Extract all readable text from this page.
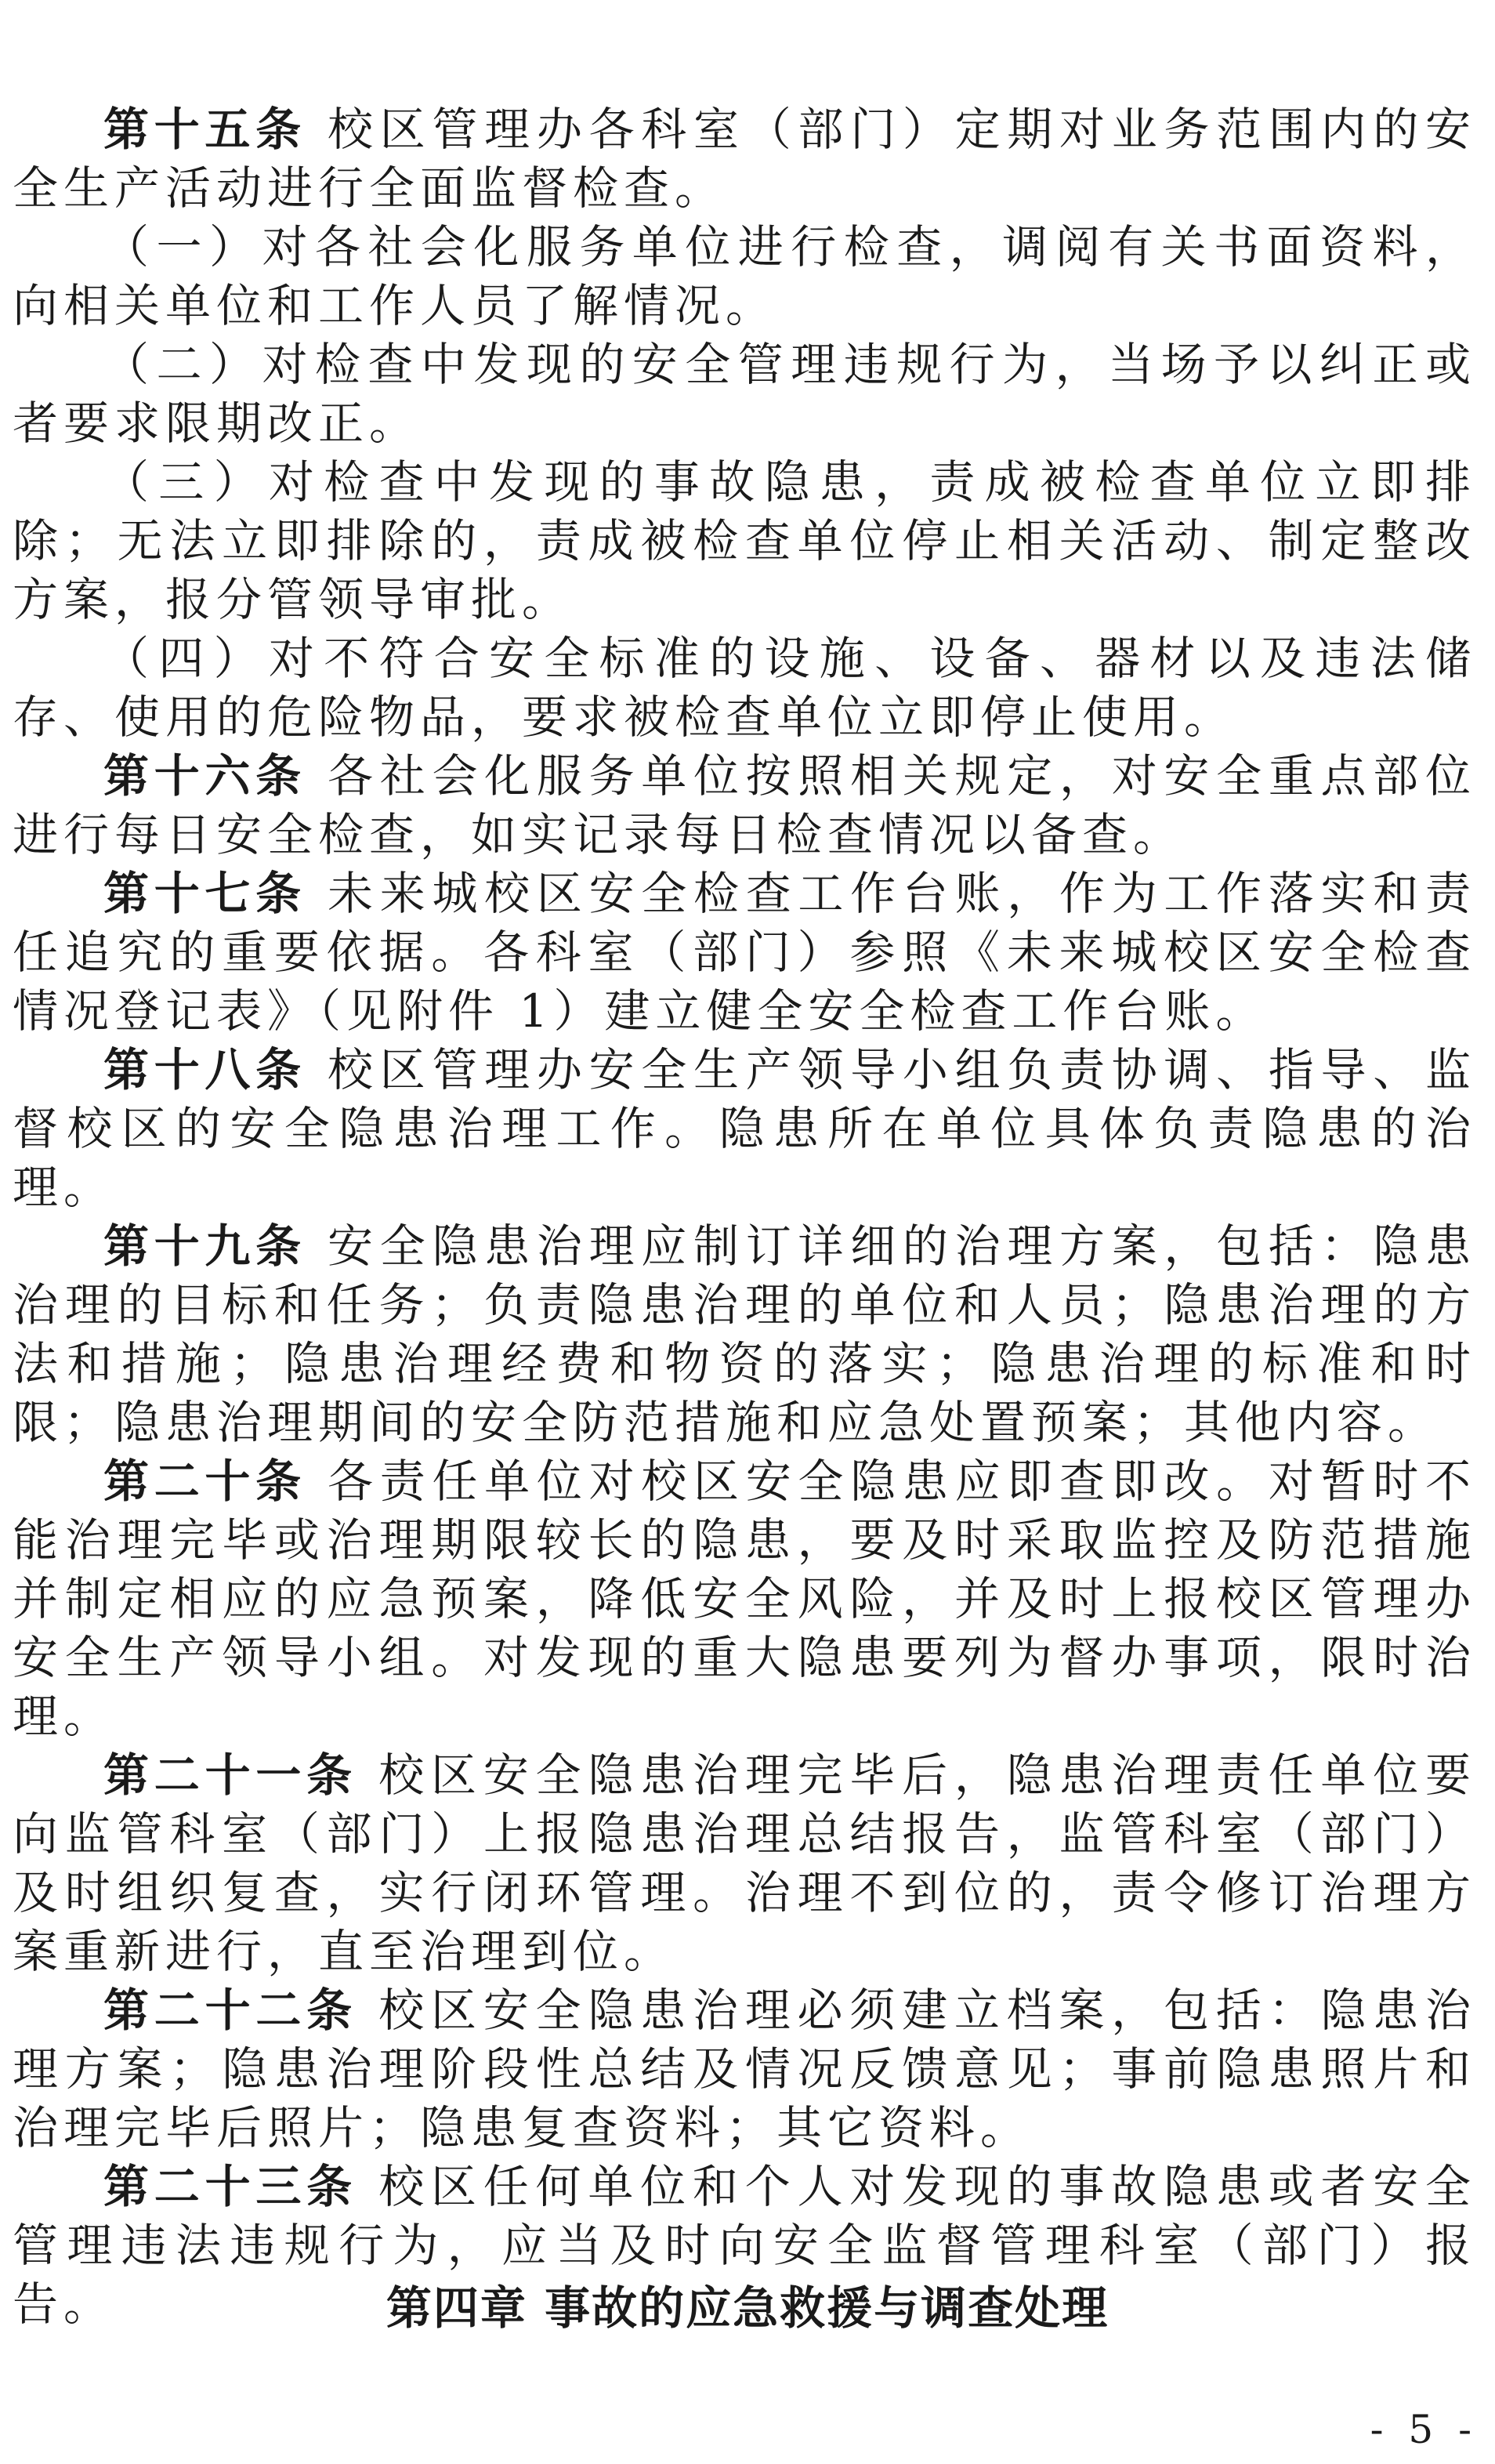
第十五条 校区管理办各科室（部门）定期对业务范围内的安全生产活动进行全面监督检查。

（一）对各社会化服务单位进行检查，调阅有关书面资料，向相关单位和工作人员了解情况。

（二）对检查中发现的安全管理违规行为，当场予以纠正或者要求限期改正。

（三）对检查中发现的事故隐患，责成被检查单位立即排除；无法立即排除的，责成被检查单位停止相关活动、制定整改方案，报分管领导审批。

（四）对不符合安全标准的设施、设备、器材以及违法储存、使用的危险物品，要求被检查单位立即停止使用。

第十六条 各社会化服务单位按照相关规定，对安全重点部位进行每日安全检查，如实记录每日检查情况以备查。

第十七条 未来城校区安全检查工作台账，作为工作落实和责任追究的重要依据。各科室（部门）参照《未来城校区安全检查情况登记表》（见附件 1）建立健全安全检查工作台账。

第十八条 校区管理办安全生产领导小组负责协调、指导、监督校区的安全隐患治理工作。隐患所在单位具体负责隐患的治理。

第十九条 安全隐患治理应制订详细的治理方案，包括：隐患治理的目标和任务；负责隐患治理的单位和人员；隐患治理的方法和措施；隐患治理经费和物资的落实；隐患治理的标准和时限；隐患治理期间的安全防范措施和应急处置预案；其他内容。

第二十条 各责任单位对校区安全隐患应即查即改。对暂时不能治理完毕或治理期限较长的隐患，要及时采取监控及防范措施并制定相应的应急预案，降低安全风险，并及时上报校区管理办安全生产领导小组。对发现的重大隐患要列为督办事项，限时治理。

第二十一条 校区安全隐患治理完毕后，隐患治理责任单位要向监管科室（部门）上报隐患治理总结报告，监管科室（部门）及时组织复查，实行闭环管理。治理不到位的，责令修订治理方案重新进行，直至治理到位。

第二十二条 校区安全隐患治理必须建立档案，包括：隐患治理方案；隐患治理阶段性总结及情况反馈意见；事前隐患照片和治理完毕后照片；隐患复查资料；其它资料。

第二十三条 校区任何单位和个人对发现的事故隐患或者安全管理违法违规行为，应当及时向安全监督管理科室（部门）报告。	第四章 事故的应急救援与调查处理
- 5 -
